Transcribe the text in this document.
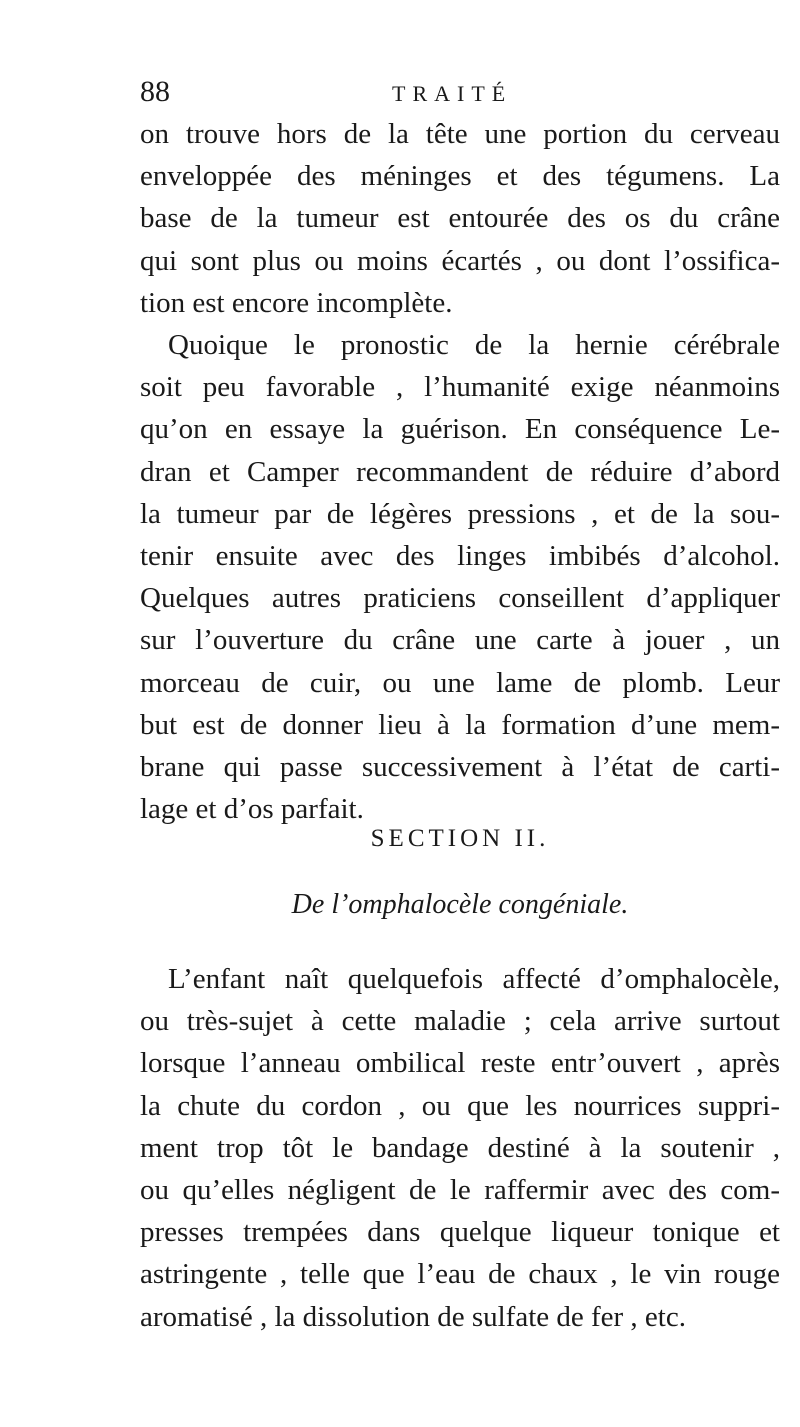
88	TRAITÉ
on trouve hors de la tête une portion du cerveau
enveloppée des méninges et des tégumens. La
base de la tumeur est entourée des os du crâne
qui sont plus ou moins écartés , ou dont l’ossifica-
tion est encore incomplète.
Quoique le pronostic de la hernie cérébrale
soit peu favorable , l’humanité exige néanmoins
qu’on en essaye la guérison. En conséquence Le-
dran et Camper recommandent de réduire d’abord
la tumeur par de légères pressions , et de la sou-
tenir ensuite avec des linges imbibés d’alcohol.
Quelques autres praticiens conseillent d’appliquer
sur l’ouverture du crâne une carte à jouer , un
morceau de cuir, ou une lame de plomb. Leur
but est de donner lieu à la formation d’une mem-
brane qui passe successivement à l’état de carti-
lage et d’os parfait.
SECTION II.
De l’omphalocèle congéniale.
L’enfant naît quelquefois affecté d’omphalocèle,
ou très-sujet à cette maladie ; cela arrive surtout
lorsque l’anneau ombilical reste entr’ouvert , après
la chute du cordon , ou que les nourrices suppri-
ment trop tôt le bandage destiné à la soutenir ,
ou qu’elles négligent de le raffermir avec des com-
presses trempées dans quelque liqueur tonique et
astringente , telle que l’eau de chaux , le vin rouge
aromatisé , la dissolution de sulfate de fer , etc.
